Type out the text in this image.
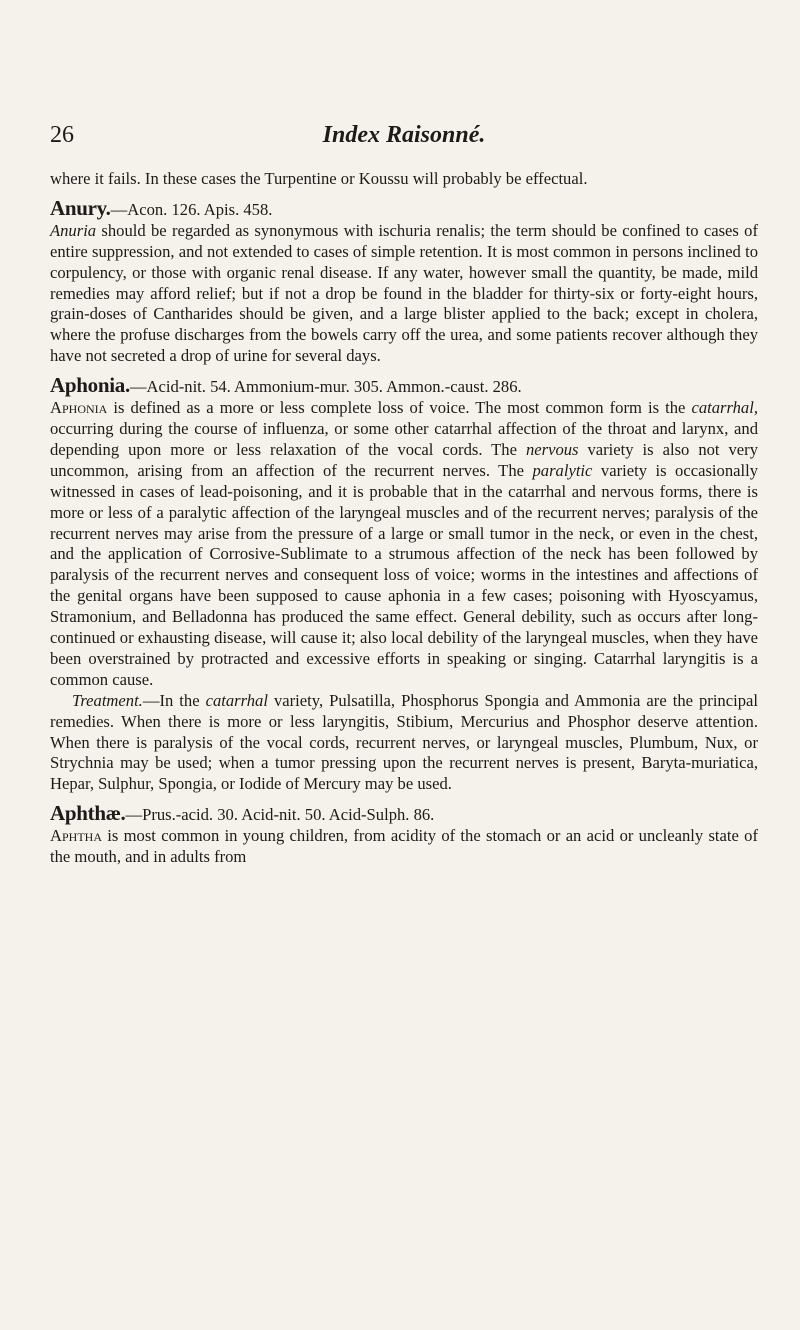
26	Index Raisonné.

where it fails. In these cases the Turpentine or Koussu will probably be effectual.

Anury.—Acon. 126. Apis. 458.

Anuria should be regarded as synonymous with ischuria renalis; the term should be confined to cases of entire suppression, and not extended to cases of simple retention. It is most common in persons inclined to corpulency, or those with organic renal disease. If any water, however small the quantity, be made, mild remedies may afford relief; but if not a drop be found in the bladder for thirty-six or forty-eight hours, grain-doses of Cantharides should be given, and a large blister applied to the back; except in cholera, where the profuse discharges from the bowels carry off the urea, and some patients recover although they have not secreted a drop of urine for several days.

Aphonia.—Acid-nit. 54. Ammonium-mur. 305. Ammon.-caust. 286.

Aphonia is defined as a more or less complete loss of voice. The most common form is the catarrhal, occurring during the course of influenza, or some other catarrhal affection of the throat and larynx, and depending upon more or less relaxation of the vocal cords. The nervous variety is also not very uncommon, arising from an affection of the recurrent nerves. The paralytic variety is occasionally witnessed in cases of lead-poisoning, and it is probable that in the catarrhal and nervous forms, there is more or less of a paralytic affection of the laryngeal muscles and of the recurrent nerves; paralysis of the recurrent nerves may arise from the pressure of a large or small tumor in the neck, or even in the chest, and the application of Corrosive-Sublimate to a strumous affection of the neck has been followed by paralysis of the recurrent nerves and consequent loss of voice; worms in the intestines and affections of the genital organs have been supposed to cause aphonia in a few cases; poisoning with Hyoscyamus, Stramonium, and Belladonna has produced the same effect. General debility, such as occurs after long-continued or exhausting disease, will cause it; also local debility of the laryngeal muscles, when they have been overstrained by protracted and excessive efforts in speaking or singing. Catarrhal laryngitis is a common cause.

Treatment.—In the catarrhal variety, Pulsatilla, Phosphorus Spongia and Ammonia are the principal remedies. When there is more or less laryngitis, Stibium, Mercurius and Phosphor deserve attention. When there is paralysis of the vocal cords, recurrent nerves, or laryngeal muscles, Plumbum, Nux, or Strychnia may be used; when a tumor pressing upon the recurrent nerves is present, Baryta-muriatica, Hepar, Sulphur, Spongia, or Iodide of Mercury may be used.

Aphthæ.—Prus.-acid. 30. Acid-nit. 50. Acid-Sulph. 86.

Aphtha is most common in young children, from acidity of the stomach or an acid or uncleanly state of the mouth, and in adults from
